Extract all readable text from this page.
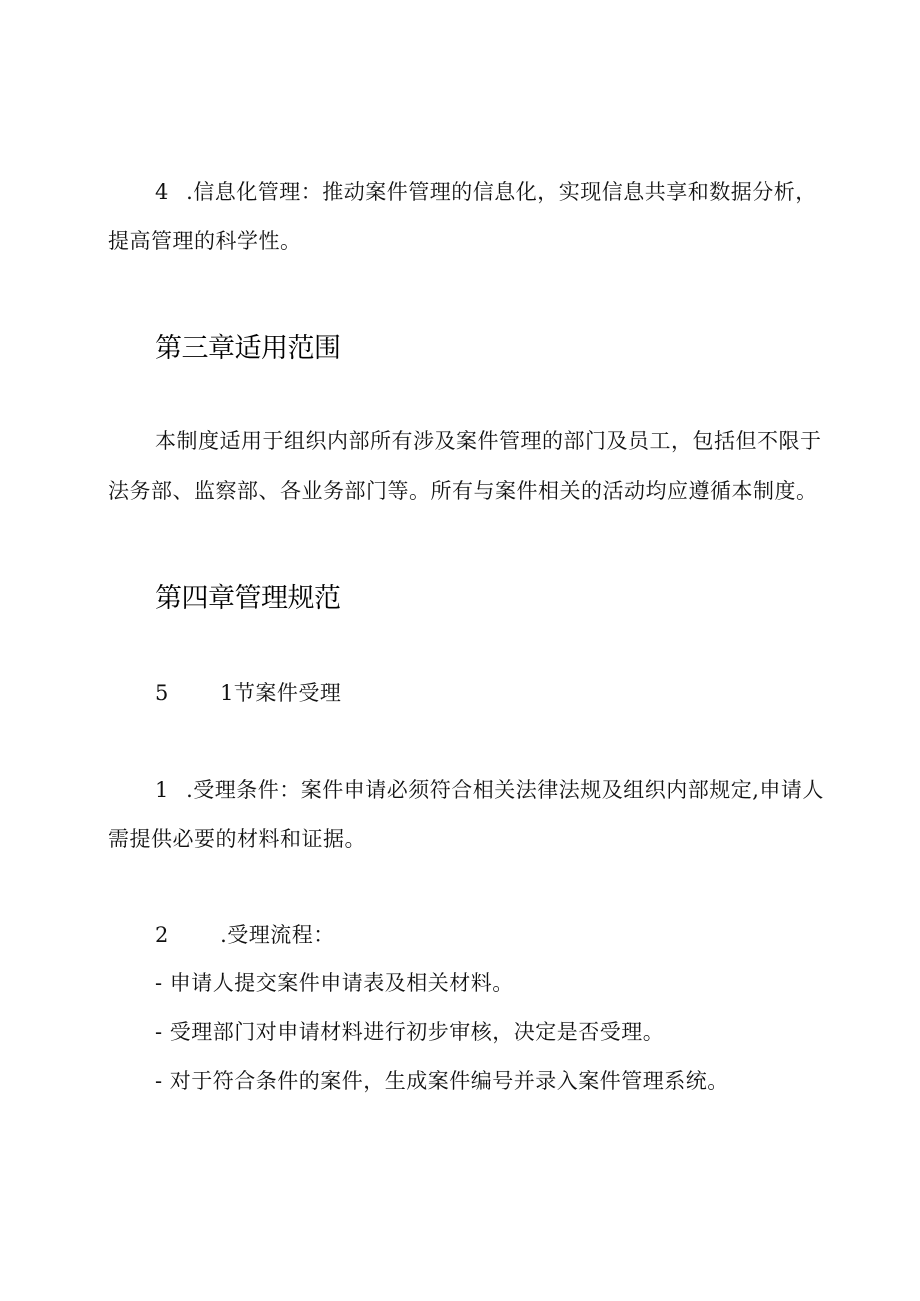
4 .信息化管理：推动案件管理的信息化，实现信息共享和数据分析，
提高管理的科学性。
第三章适用范围
本制度适用于组织内部所有涉及案件管理的部门及员工，包括但不限于
法务部、监察部、各业务部门等。所有与案件相关的活动均应遵循本制度。
第四章管理规范
5 1节案件受理
1 .受理条件：案件申请必须符合相关法律法规及组织内部规定,申请人
需提供必要的材料和证据。
2 .受理流程：
- 申请人提交案件申请表及相关材料。
- 受理部门对申请材料进行初步审核，决定是否受理。
- 对于符合条件的案件，生成案件编号并录入案件管理系统。
